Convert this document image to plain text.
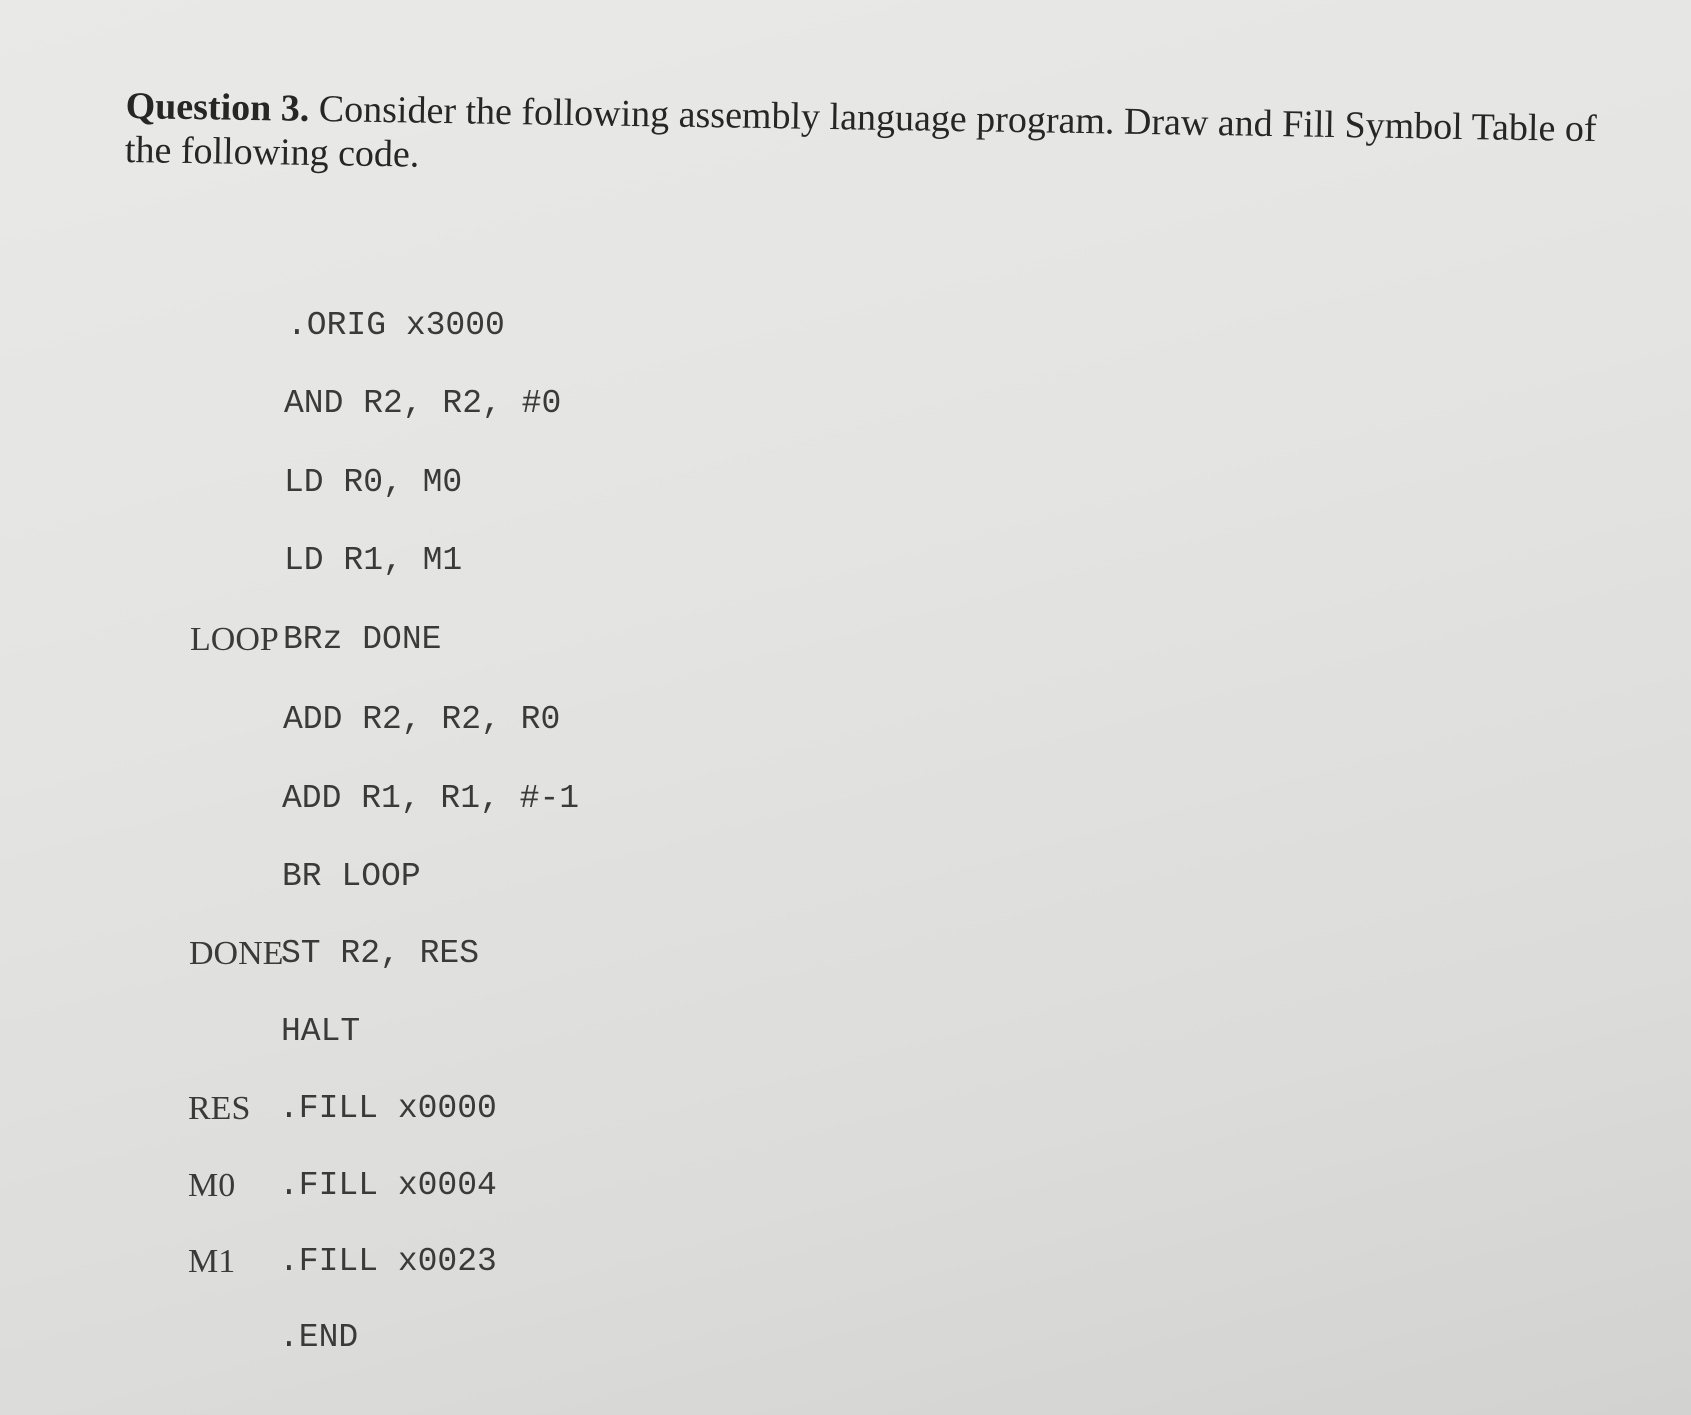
Question 3. Consider the following assembly language program. Draw and Fill Symbol Table of the following code.
.ORIG x3000
AND R2, R2, #0
LD R0, M0
LD R1, M1
LOOP BRz DONE
ADD R2, R2, R0
ADD R1, R1, #-1
BR LOOP
DONE
ST R2, RES
HALT
RES .FILL x0000
M0 .FILL x0004
M1 .FILL x0023
.END
